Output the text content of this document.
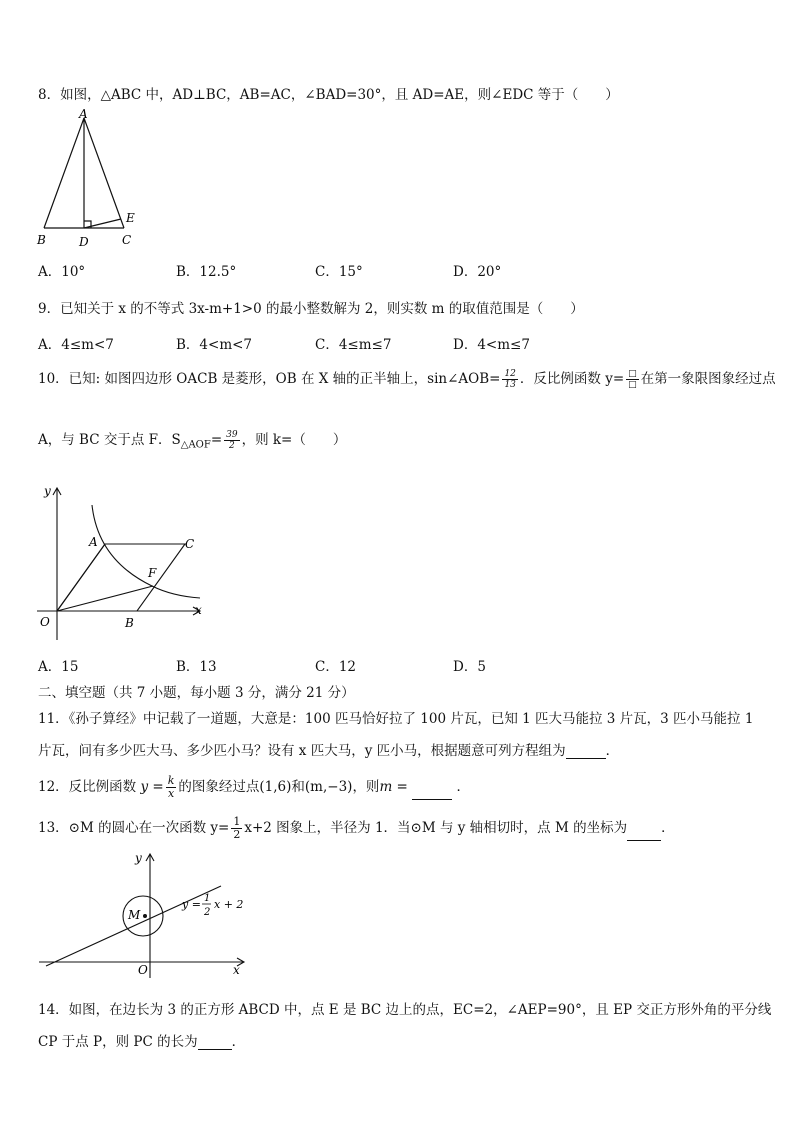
8．如图，△ABC 中，AD⊥BC，AB=AC，∠BAD=30°，且 AD=AE，则∠EDC 等于（　　）
A
B	D	C
E
A．10°	B．12.5°	C．15°	D．20°
9．已知关于 x 的不等式 3x-m+1>0 的最小整数解为 2，则实数 m 的取值范围是（　　）
A．4≤m<7	B．4<m<7	C．4≤m≤7	D．4<m≤7
10．已知: 如图四边形 OACB 是菱形，OB 在 X 轴的正半轴上，sin∠AOB= $\frac{12}{13}$ ．反比例函数 $y= \frac{□}{□}$ 在第一象限图象经过点
A，与 BC 交于点 F．$S_{\triangle AOF}= \frac{39}{2}$ ，则 k=（　　）
y
x
O
A	C
F
B
A．15	B．13	C．12	D．5
二、填空题（共 7 小题，每小题 3 分，满分 21 分）
11．《孙子算经》中记载了一道题，大意是：100 匹马恰好拉了 100 片瓦，已知 1 匹大马能拉 3 片瓦，3 匹小马能拉 1
片瓦，问有多少匹大马、多少匹小马？设有 x 匹大马，y 匹小马，根据题意可列方程组为	．
12．反比例函数 $y = \frac{k}{x}$ 的图象经过点(1,6)和(m,−3)，则m =	．
13．⊙M 的圆心在一次函数 $y= \frac{1}{2} x+2$ 图象上，半径为 1．当⊙M 与 y 轴相切时，点 M 的坐标为	．
y
x
O
M
y = 1
2
x + 2
14．如图，在边长为 3 的正方形 ABCD 中，点 E 是 BC 边上的点，EC=2，∠AEP=90°，且 EP 交正方形外角的平分线
CP 于点 P，则 PC 的长为	．
